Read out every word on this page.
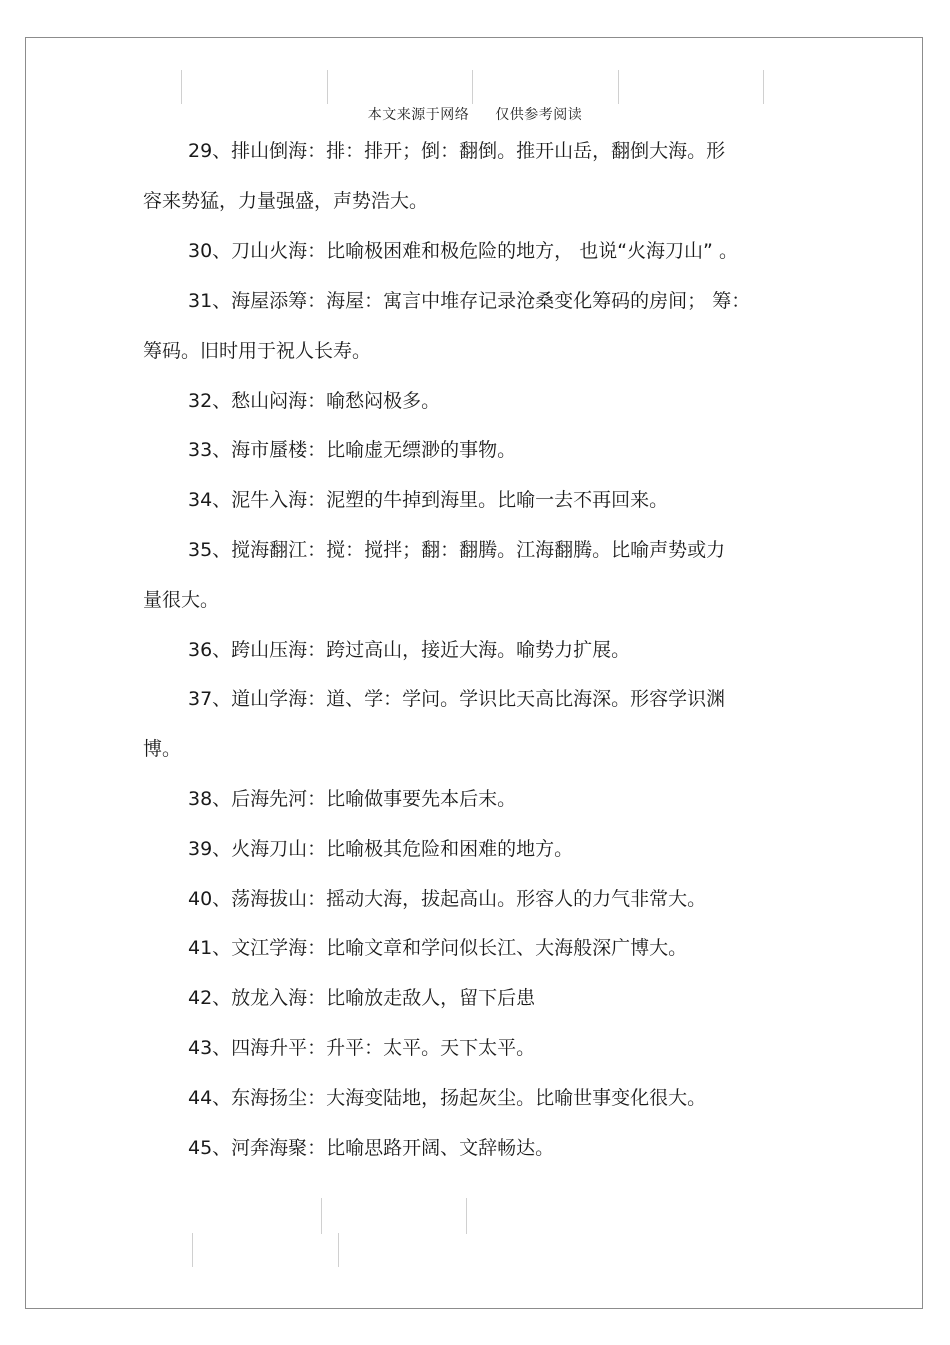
本文来源于网络 仅供参考阅读
29、排山倒海：排：排开；倒：翻倒。推开山岳，翻倒大海。形
容来势猛，力量强盛，声势浩大。
30、刀山火海：比喻极困难和极危险的地方， 也说“火海刀山” 。
31、海屋添筹：海屋：寓言中堆存记录沧桑变化筹码的房间； 筹：
筹码。旧时用于祝人长寿。
32、愁山闷海：喻愁闷极多。
33、海市蜃楼：比喻虚无缥渺的事物。
34、泥牛入海：泥塑的牛掉到海里。比喻一去不再回来。
35、搅海翻江：搅：搅拌；翻：翻腾。江海翻腾。比喻声势或力
量很大。
36、跨山压海：跨过高山，接近大海。喻势力扩展。
37、道山学海：道、学：学问。学识比天高比海深。形容学识渊
博。
38、后海先河：比喻做事要先本后末。
39、火海刀山：比喻极其危险和困难的地方。
40、荡海拔山：摇动大海，拔起高山。形容人的力气非常大。
41、文江学海：比喻文章和学问似长江、大海般深广博大。
42、放龙入海：比喻放走敌人，留下后患
43、四海升平：升平：太平。天下太平。
44、东海扬尘：大海变陆地，扬起灰尘。比喻世事变化很大。
45、河奔海聚：比喻思路开阔、文辞畅达。
